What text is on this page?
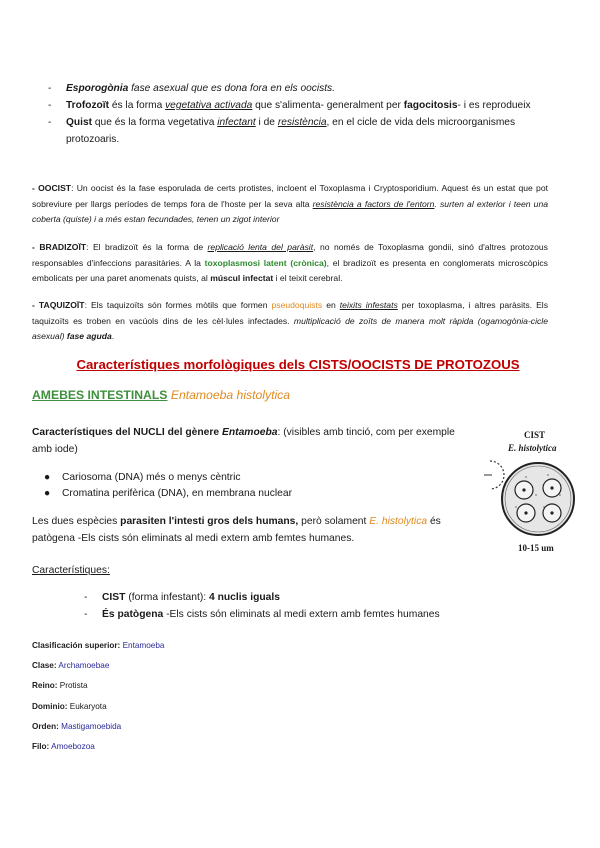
-	Esporogònia fase asexual que es dona fora en els oocists.
-	Trofozoït és la forma vegetativa activada que s'alimenta- generalment per fagocitosis- i es reprodueix
-	Quist que és la forma vegetativa infectant i de resistència, en el cicle de vida dels microorganismes protozoaris.
- OOCIST: Un oocist és la fase esporulada de certs protistes, incloent el Toxoplasma i Cryptosporidium. Aquest és un estat que pot sobreviure per llargs períodes de temps fora de l'hoste per la seva alta resistència a factors de l'entorn. surten al exterior i teen una coberta (quiste) i a més estan fecundades, tenen un zigot interior
- BRADIZOÏT: El bradizoït és la forma de replicació lenta del paràsit, no només de Toxoplasma gondii, sinó d'altres protozous responsables d'infeccions parasitàries. A la toxoplasmosi latent (crònica), el bradizoït es presenta en conglomerats microscòpics embolicats per una paret anomenats quists, al múscul infectat i el teixit cerebral.
- TAQUIZOÏT: Els taquizoïts són formes mòtils que formen pseudoquists en teixits infestats per toxoplasma, i altres paràsits. Els taquizoïts es troben en vacúols dins de les cèl·lules infectades. multiplicació de zoïts de manera molt ràpida (ogamogònia-cicle asexual) fase aguda.
Característiques morfològiques dels CISTS/OOCISTS DE PROTOZOUS
AMEBES INTESTINALS Entamoeba histolytica
Característiques del NUCLI del gènere Entamoeba: (visibles amb tinció, com per exemple amb iode)
●	Cariosoma (DNA) més o menys cèntric
●	Cromatina perifèrica (DNA), en membrana nuclear
Les dues espècies parasiten l'intesti gros dels humans, però solament E. histolytica és patògena -Els cists són eliminats al medi extern amb femtes humanes.
Característiques:
-	CIST (forma infestant): 4 nuclis iguals
-	És patògena -Els cists són eliminats al medi extern amb femtes humanes
Clasificación superior: Entamoeba
Clase: Archamoebae
Reino: Protista
Dominio: Eukaryota
Orden: Mastigamoebida
Filo: Amoebozoa
CIST
E. histolytica
10-15 um
